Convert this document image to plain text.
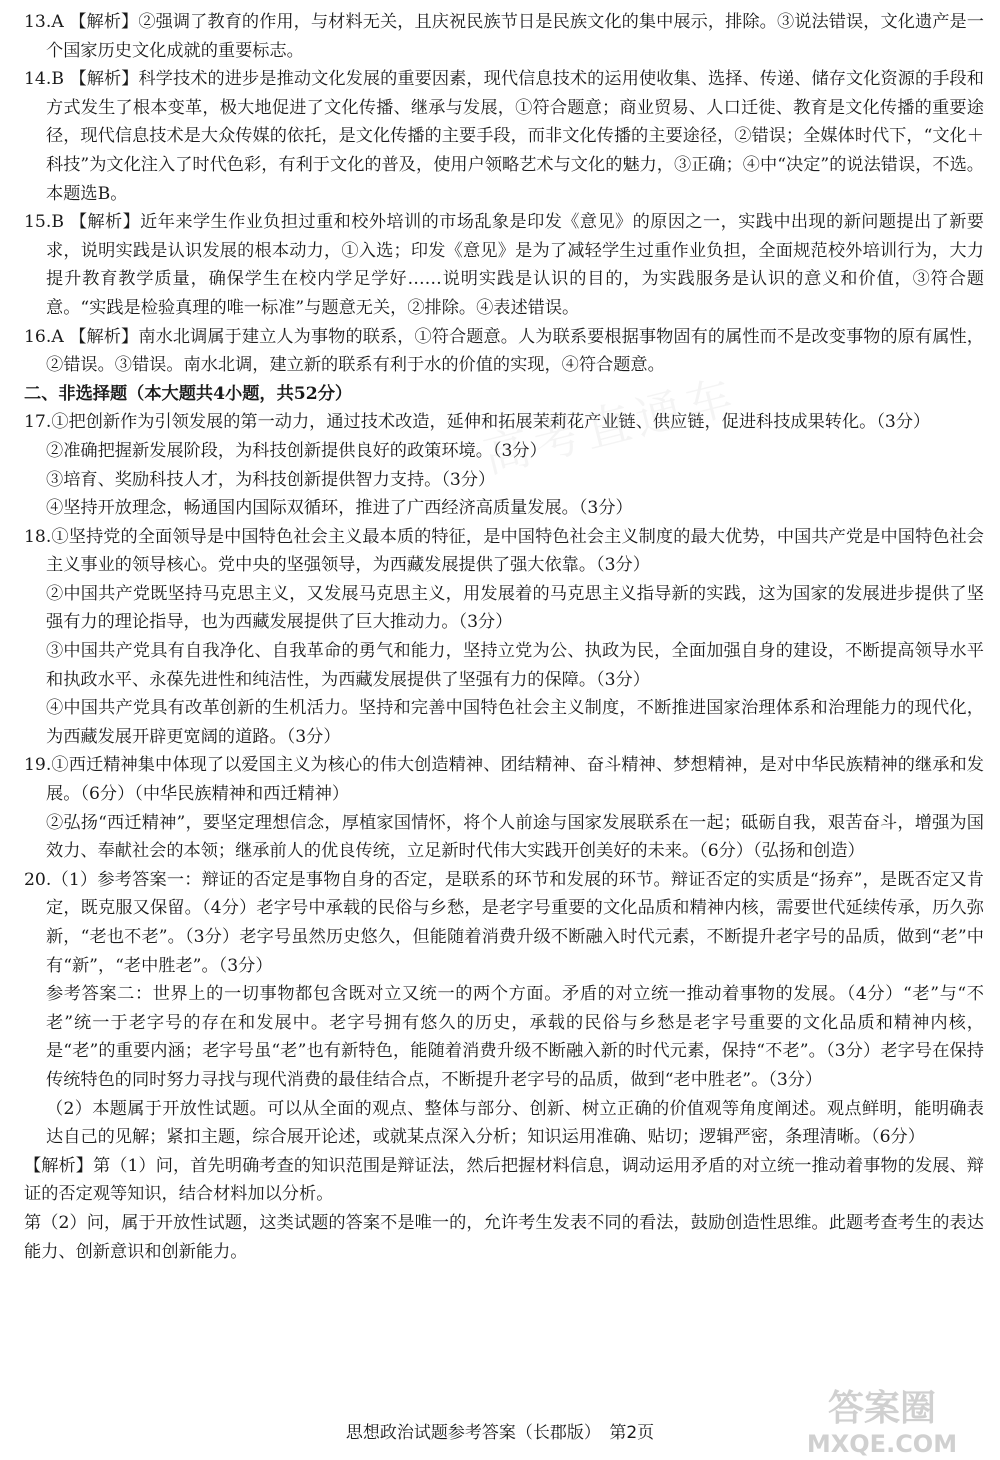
13.A 【解析】②强调了教育的作用，与材料无关，且庆祝民族节日是民族文化的集中展示，排除。③说法错误，文化遗产是一个国家历史文化成就的重要标志。

14.B 【解析】科学技术的进步是推动文化发展的重要因素，现代信息技术的运用使收集、选择、传递、储存文化资源的手段和方式发生了根本变革，极大地促进了文化传播、继承与发展，①符合题意；商业贸易、人口迁徙、教育是文化传播的重要途径，现代信息技术是大众传媒的依托，是文化传播的主要手段，而非文化传播的主要途径，②错误；全媒体时代下，“文化＋科技”为文化注入了时代色彩，有利于文化的普及，使用户领略艺术与文化的魅力，③正确；④中“决定”的说法错误，不选。本题选B。

15.B 【解析】近年来学生作业负担过重和校外培训的市场乱象是印发《意见》的原因之一，实践中出现的新问题提出了新要求，说明实践是认识发展的根本动力，①入选；印发《意见》是为了减轻学生过重作业负担，全面规范校外培训行为，大力提升教育教学质量，确保学生在校内学足学好……说明实践是认识的目的，为实践服务是认识的意义和价值，③符合题意。“实践是检验真理的唯一标准”与题意无关，②排除。④表述错误。

16.A 【解析】南水北调属于建立人为事物的联系，①符合题意。人为联系要根据事物固有的属性而不是改变事物的原有属性，②错误。③错误。南水北调，建立新的联系有利于水的价值的实现，④符合题意。

二、非选择题（本大题共4小题，共52分）

17.①把创新作为引领发展的第一动力，通过技术改造，延伸和拓展茉莉花产业链、供应链，促进科技成果转化。（3分）

②准确把握新发展阶段，为科技创新提供良好的政策环境。（3分）

③培育、奖励科技人才，为科技创新提供智力支持。（3分）

④坚持开放理念，畅通国内国际双循环，推进了广西经济高质量发展。（3分）

18.①坚持党的全面领导是中国特色社会主义最本质的特征，是中国特色社会主义制度的最大优势，中国共产党是中国特色社会主义事业的领导核心。党中央的坚强领导，为西藏发展提供了强大依靠。（3分）

②中国共产党既坚持马克思主义，又发展马克思主义，用发展着的马克思主义指导新的实践，这为国家的发展进步提供了坚强有力的理论指导，也为西藏发展提供了巨大推动力。（3分）

③中国共产党具有自我净化、自我革命的勇气和能力，坚持立党为公、执政为民，全面加强自身的建设，不断提高领导水平和执政水平、永葆先进性和纯洁性，为西藏发展提供了坚强有力的保障。（3分）

④中国共产党具有改革创新的生机活力。坚持和完善中国特色社会主义制度，不断推进国家治理体系和治理能力的现代化，为西藏发展开辟更宽阔的道路。（3分）

19.①西迁精神集中体现了以爱国主义为核心的伟大创造精神、团结精神、奋斗精神、梦想精神，是对中华民族精神的继承和发展。（6分）（中华民族精神和西迁精神）

②弘扬“西迁精神”，要坚定理想信念，厚植家国情怀，将个人前途与国家发展联系在一起；砥砺自我，艰苦奋斗，增强为国效力、奉献社会的本领；继承前人的优良传统，立足新时代伟大实践开创美好的未来。（6分）（弘扬和创造）

20.（1）参考答案一：辩证的否定是事物自身的否定，是联系的环节和发展的环节。辩证否定的实质是“扬弃”，是既否定又肯定，既克服又保留。（4分）老字号中承载的民俗与乡愁，是老字号重要的文化品质和精神内核，需要世代延续传承，历久弥新，“老也不老”。（3分）老字号虽然历史悠久，但能随着消费升级不断融入时代元素，不断提升老字号的品质，做到“老”中有“新”，“老中胜老”。（3分）

参考答案二：世界上的一切事物都包含既对立又统一的两个方面。矛盾的对立统一推动着事物的发展。（4分）“老”与“不老”统一于老字号的存在和发展中。老字号拥有悠久的历史，承载的民俗与乡愁是老字号重要的文化品质和精神内核，是“老”的重要内涵；老字号虽“老”也有新特色，能随着消费升级不断融入新的时代元素，保持“不老”。（3分）老字号在保持传统特色的同时努力寻找与现代消费的最佳结合点，不断提升老字号的品质，做到“老中胜老”。（3分）

（2）本题属于开放性试题。可以从全面的观点、整体与部分、创新、树立正确的价值观等角度阐述。观点鲜明，能明确表达自己的见解；紧扣主题，综合展开论述，或就某点深入分析；知识运用准确、贴切；逻辑严密，条理清晰。（6分）

【解析】第（1）问，首先明确考查的知识范围是辩证法，然后把握材料信息，调动运用矛盾的对立统一推动着事物的发展、辩证的否定观等知识，结合材料加以分析。

第（2）问，属于开放性试题，这类试题的答案不是唯一的，允许考生发表不同的看法，鼓励创造性思维。此题考查考生的表达能力、创新意识和创新能力。

高考直通车
思想政治试题参考答案（长郡版）　第2页
答案圈
MXQE.COM
